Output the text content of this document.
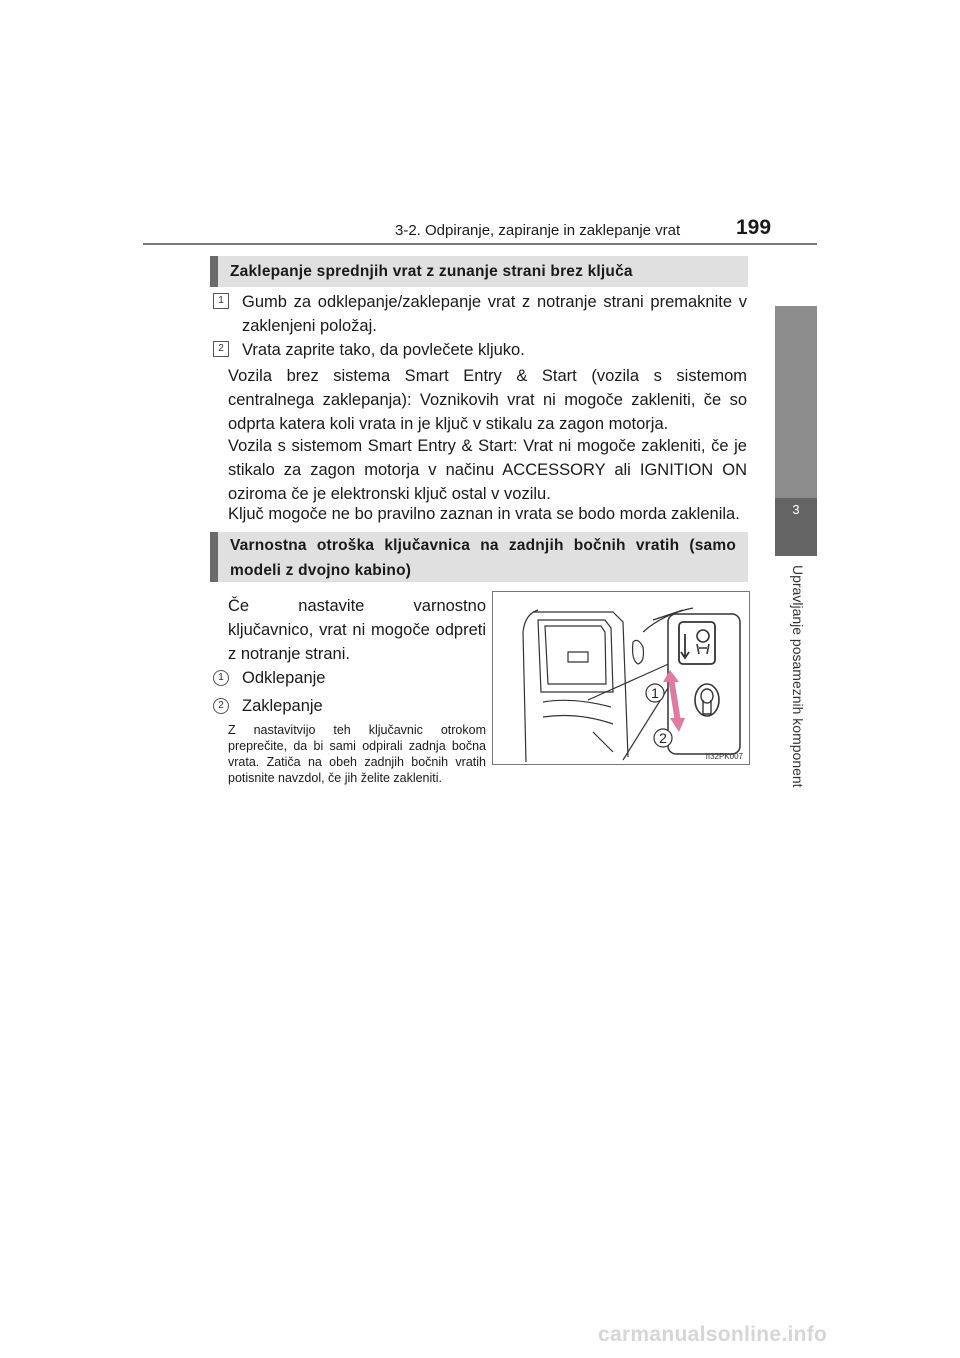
3-2. Odpiranje, zapiranje in zaklepanje vrat	199
3
Upravljanje posameznih komponent
Zaklepanje sprednjih vrat z zunanje strani brez ključa
1	Gumb za odklepanje/zaklepanje vrat z notranje strani premaknite v zaklenjeni položaj.
2	Vrata zaprite tako, da povlečete kljuko.
Vozila brez sistema Smart Entry & Start (vozila s sistemom centralnega zaklepanja): Voznikovih vrat ni mogoče zakleniti, če so odprta katera koli vrata in je ključ v stikalu za zagon motorja.
Vozila s sistemom Smart Entry & Start: Vrat ni mogoče zakleniti, če je stikalo za zagon motorja v načinu ACCESSORY ali IGNITION ON oziroma če je elektronski ključ ostal v vozilu.
Ključ mogoče ne bo pravilno zaznan in vrata se bodo morda zaklenila.
Varnostna otroška ključavnica na zadnjih bočnih vratih (samo modeli z dvojno kabino)
Če nastavite varnostno ključavnico, vrat ni mogoče odpreti z notranje strani.
1	Odklepanje
2	Zaklepanje
Z nastavitvijo teh ključavnic otrokom preprečite, da bi sami odpirali zadnja bočna vrata. Zatiča na obeh zadnjih bočnih vratih potisnite navzdol, če jih želite zakleniti.
1
2
II32PK007
carmanualsonline.info
